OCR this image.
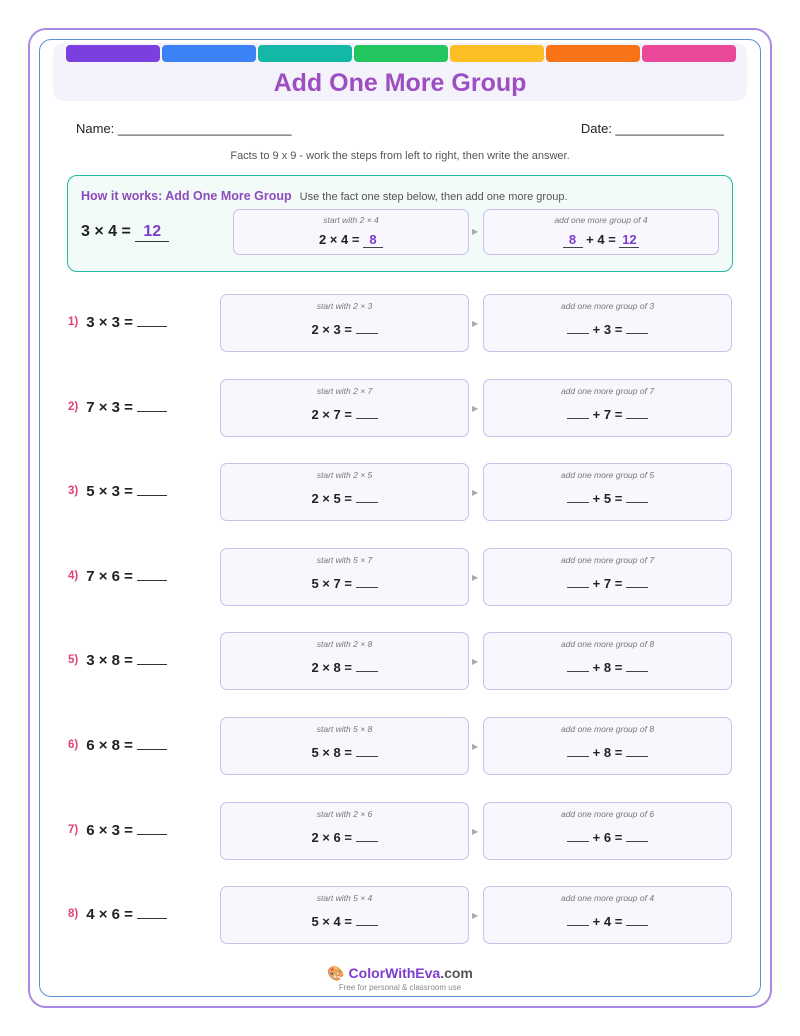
Add One More Group
Name: ________________________	Date: _______________
Facts to 9 x 9 - work the steps from left to right, then write the answer.
How it works: Add One More Group Use the fact one step below, then add one more group.
3 × 4 = 12
start with 2 × 4
2 × 4 = 8
▶
add one more group of 4
8 + 4 = 12
1) 3 × 3 =
start with 2 × 3
2 × 3 =	▶
add one more group of 3
+ 3 =
2) 7 × 3 =
start with 2 × 7
2 × 7 =	▶
add one more group of 7
+ 7 =
3) 5 × 3 =
start with 2 × 5
2 × 5 =	▶
add one more group of 5
+ 5 =
4) 7 × 6 =
start with 5 × 7
5 × 7 =	▶
add one more group of 7
+ 7 =
5) 3 × 8 =
start with 2 × 8
2 × 8 =	▶
add one more group of 8
+ 8 =
6) 6 × 8 =
start with 5 × 8
5 × 8 =	▶
add one more group of 8
+ 8 =
7) 6 × 3 =
start with 2 × 6
2 × 6 =	▶
add one more group of 6
+ 6 =
8) 4 × 6 =
start with 5 × 4
5 × 4 =	▶
add one more group of 4
+ 4 =
🎨 ColorWithEva.com
Free for personal & classroom use
